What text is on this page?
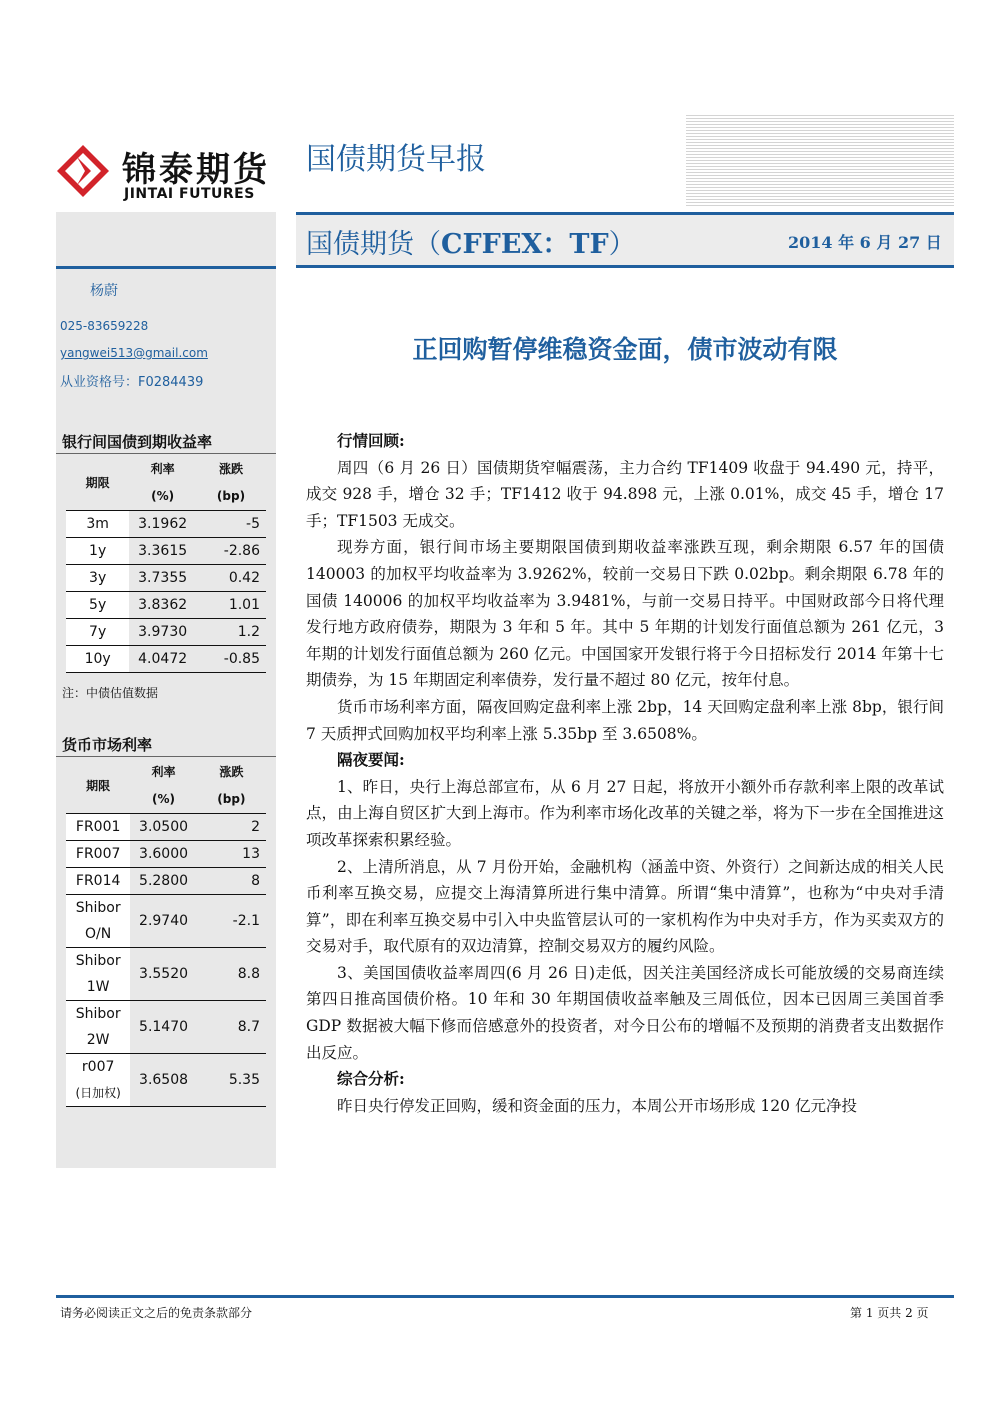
锦泰期货
JINTAI FUTURES
国债期货早报
国债期货（CFFEX：TF）	2014 年 6 月 27 日
杨蔚
025-83659228
yangwei513@gmail.com
从业资格号：F0284439
银行间国债到期收益率
期限	利率	涨跌
	(%)	(bp)
3m	3.1962	-5
1y	3.3615	-2.86
3y	3.7355	0.42
5y	3.8362	1.01
7y	3.9730	1.2
10y	4.0472	-0.85
注：中债估值数据
货币市场利率
期限	利率	涨跌
	(%)	(bp)
FR001	3.0500	2
FR007	3.6000	13
FR014	5.2800	8

Shibor
O/N	2.9740	-2.1

Shibor
1W	3.5520	8.8

Shibor
2W	5.1470	8.7

r007
(日加权)	3.6508	5.35
正回购暂停维稳资金面，债市波动有限

行情回顾:

周四（6 月 26 日）国债期货窄幅震荡，主力合约 TF1409 收盘于 94.490 元，持平，成交 928 手，增仓 32 手；TF1412 收于 94.898 元，上涨 0.01%，成交 45 手，增仓 17 手；TF1503 无成交。

现券方面，银行间市场主要期限国债到期收益率涨跌互现，剩余期限 6.57 年的国债 140003 的加权平均收益率为 3.9262%，较前一交易日下跌 0.02bp。剩余期限 6.78 年的国债 140006 的加权平均收益率为 3.9481%，与前一交易日持平。中国财政部今日将代理发行地方政府债券，期限为 3 年和 5 年。其中 5 年期的计划发行面值总额为 261 亿元，3 年期的计划发行面值总额为 260 亿元。中国国家开发银行将于今日招标发行 2014 年第十七期债券，为 15 年期固定利率债券，发行量不超过 80 亿元，按年付息。

货币市场利率方面，隔夜回购定盘利率上涨 2bp，14 天回购定盘利率上涨 8bp，银行间 7 天质押式回购加权平均利率上涨 5.35bp 至 3.6508%。

隔夜要闻:

1、昨日，央行上海总部宣布，从 6 月 27 日起，将放开小额外币存款利率上限的改革试点，由上海自贸区扩大到上海市。作为利率市场化改革的关键之举，将为下一步在全国推进这项改革探索积累经验。

2、上清所消息，从 7 月份开始，金融机构（涵盖中资、外资行）之间新达成的相关人民币利率互换交易，应提交上海清算所进行集中清算。所谓“集中清算”，也称为“中央对手清算”，即在利率互换交易中引入中央监管层认可的一家机构作为中央对手方，作为买卖双方的交易对手，取代原有的双边清算，控制交易双方的履约风险。

3、美国国债收益率周四(6 月 26 日)走低，因关注美国经济成长可能放缓的交易商连续第四日推高国债价格。10 年和 30 年期国债收益率触及三周低位，因本已因周三美国首季 GDP 数据被大幅下修而倍感意外的投资者，对今日公布的增幅不及预期的消费者支出数据作出反应。

综合分析:

昨日央行停发正回购，缓和资金面的压力，本周公开市场形成 120 亿元净投

请务必阅读正文之后的免责条款部分	第 1 页共 2 页
